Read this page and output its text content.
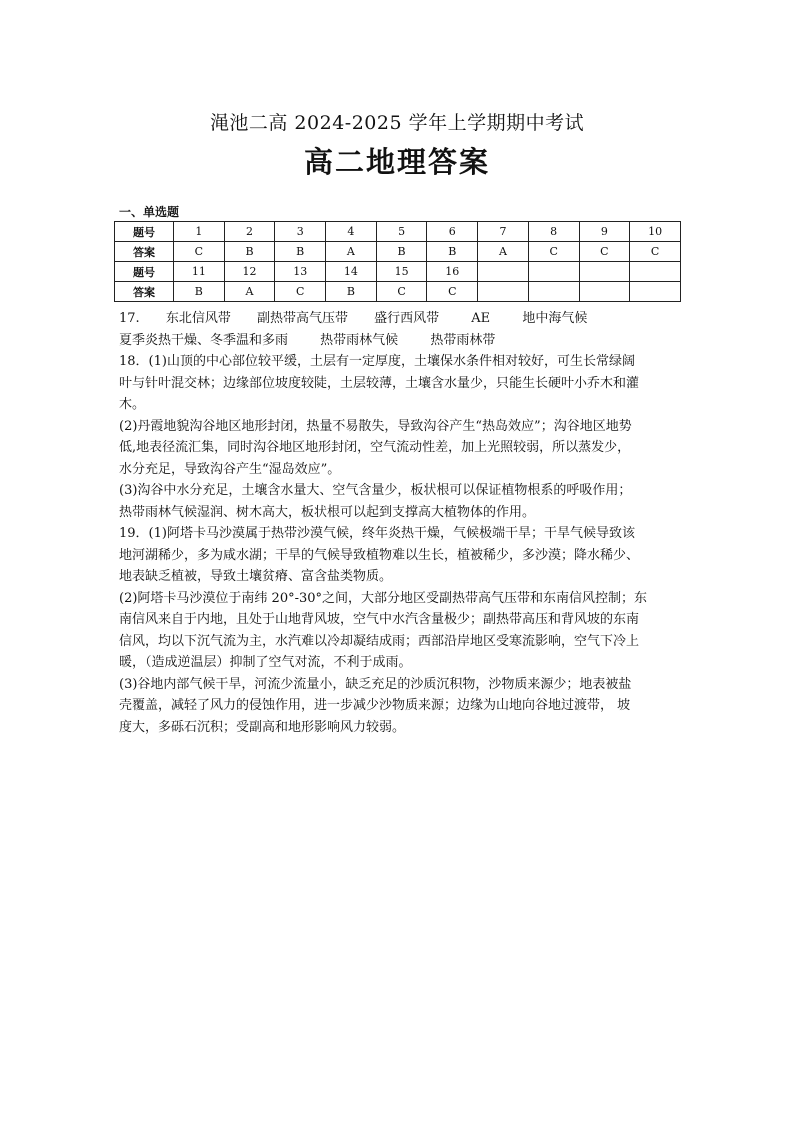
渑池二高 2024-2025 学年上学期期中考试
高二地理答案
一、单选题
题号	1	2	3	4	5	6	7	8	9	10
答案	C	B	B	A	B	B	A	C	C	C
题号	11	12	13	14	15	16				
答案	B	A	C	B	C	C				
17. 东北信风带 副热带高气压带 盛行西风带 AE 地中海气候
夏季炎热干燥、冬季温和多雨 热带雨林气候 热带雨林带
18．(1)山顶的中心部位较平缓，土层有一定厚度，土壤保水条件相对较好，可生长常绿阔
叶与针叶混交林；边缘部位坡度较陡，土层较薄，土壤含水量少，只能生长硬叶小乔木和灌
木。
(2)丹霞地貌沟谷地区地形封闭，热量不易散失，导致沟谷产生“热岛效应”；沟谷地区地势
低,地表径流汇集，同时沟谷地区地形封闭，空气流动性差，加上光照较弱，所以蒸发少，
水分充足，导致沟谷产生“湿岛效应”。
(3)沟谷中水分充足，土壤含水量大、空气含量少，板状根可以保证植物根系的呼吸作用；
热带雨林气候湿润、树木高大，板状根可以起到支撑高大植物体的作用。
19．(1)阿塔卡马沙漠属于热带沙漠气候，终年炎热干燥，气候极端干旱；干旱气候导致该
地河湖稀少，多为咸水湖；干旱的气候导致植物难以生长，植被稀少，多沙漠；降水稀少、
地表缺乏植被，导致土壤贫瘠、富含盐类物质。
(2)阿塔卡马沙漠位于南纬 20°-30°之间，大部分地区受副热带高气压带和东南信风控制；东
南信风来自于内地，且处于山地背风坡，空气中水汽含量极少；副热带高压和背风坡的东南
信风，均以下沉气流为主，水汽难以冷却凝结成雨；西部沿岸地区受寒流影响，空气下冷上
暖，（造成逆温层）抑制了空气对流，不利于成雨。
(3)谷地内部气候干旱，河流少流量小，缺乏充足的沙质沉积物，沙物质来源少；地表被盐
壳覆盖，减轻了风力的侵蚀作用，进一步减少沙物质来源；边缘为山地向谷地过渡带， 坡
度大，多砾石沉积；受副高和地形影响风力较弱。
